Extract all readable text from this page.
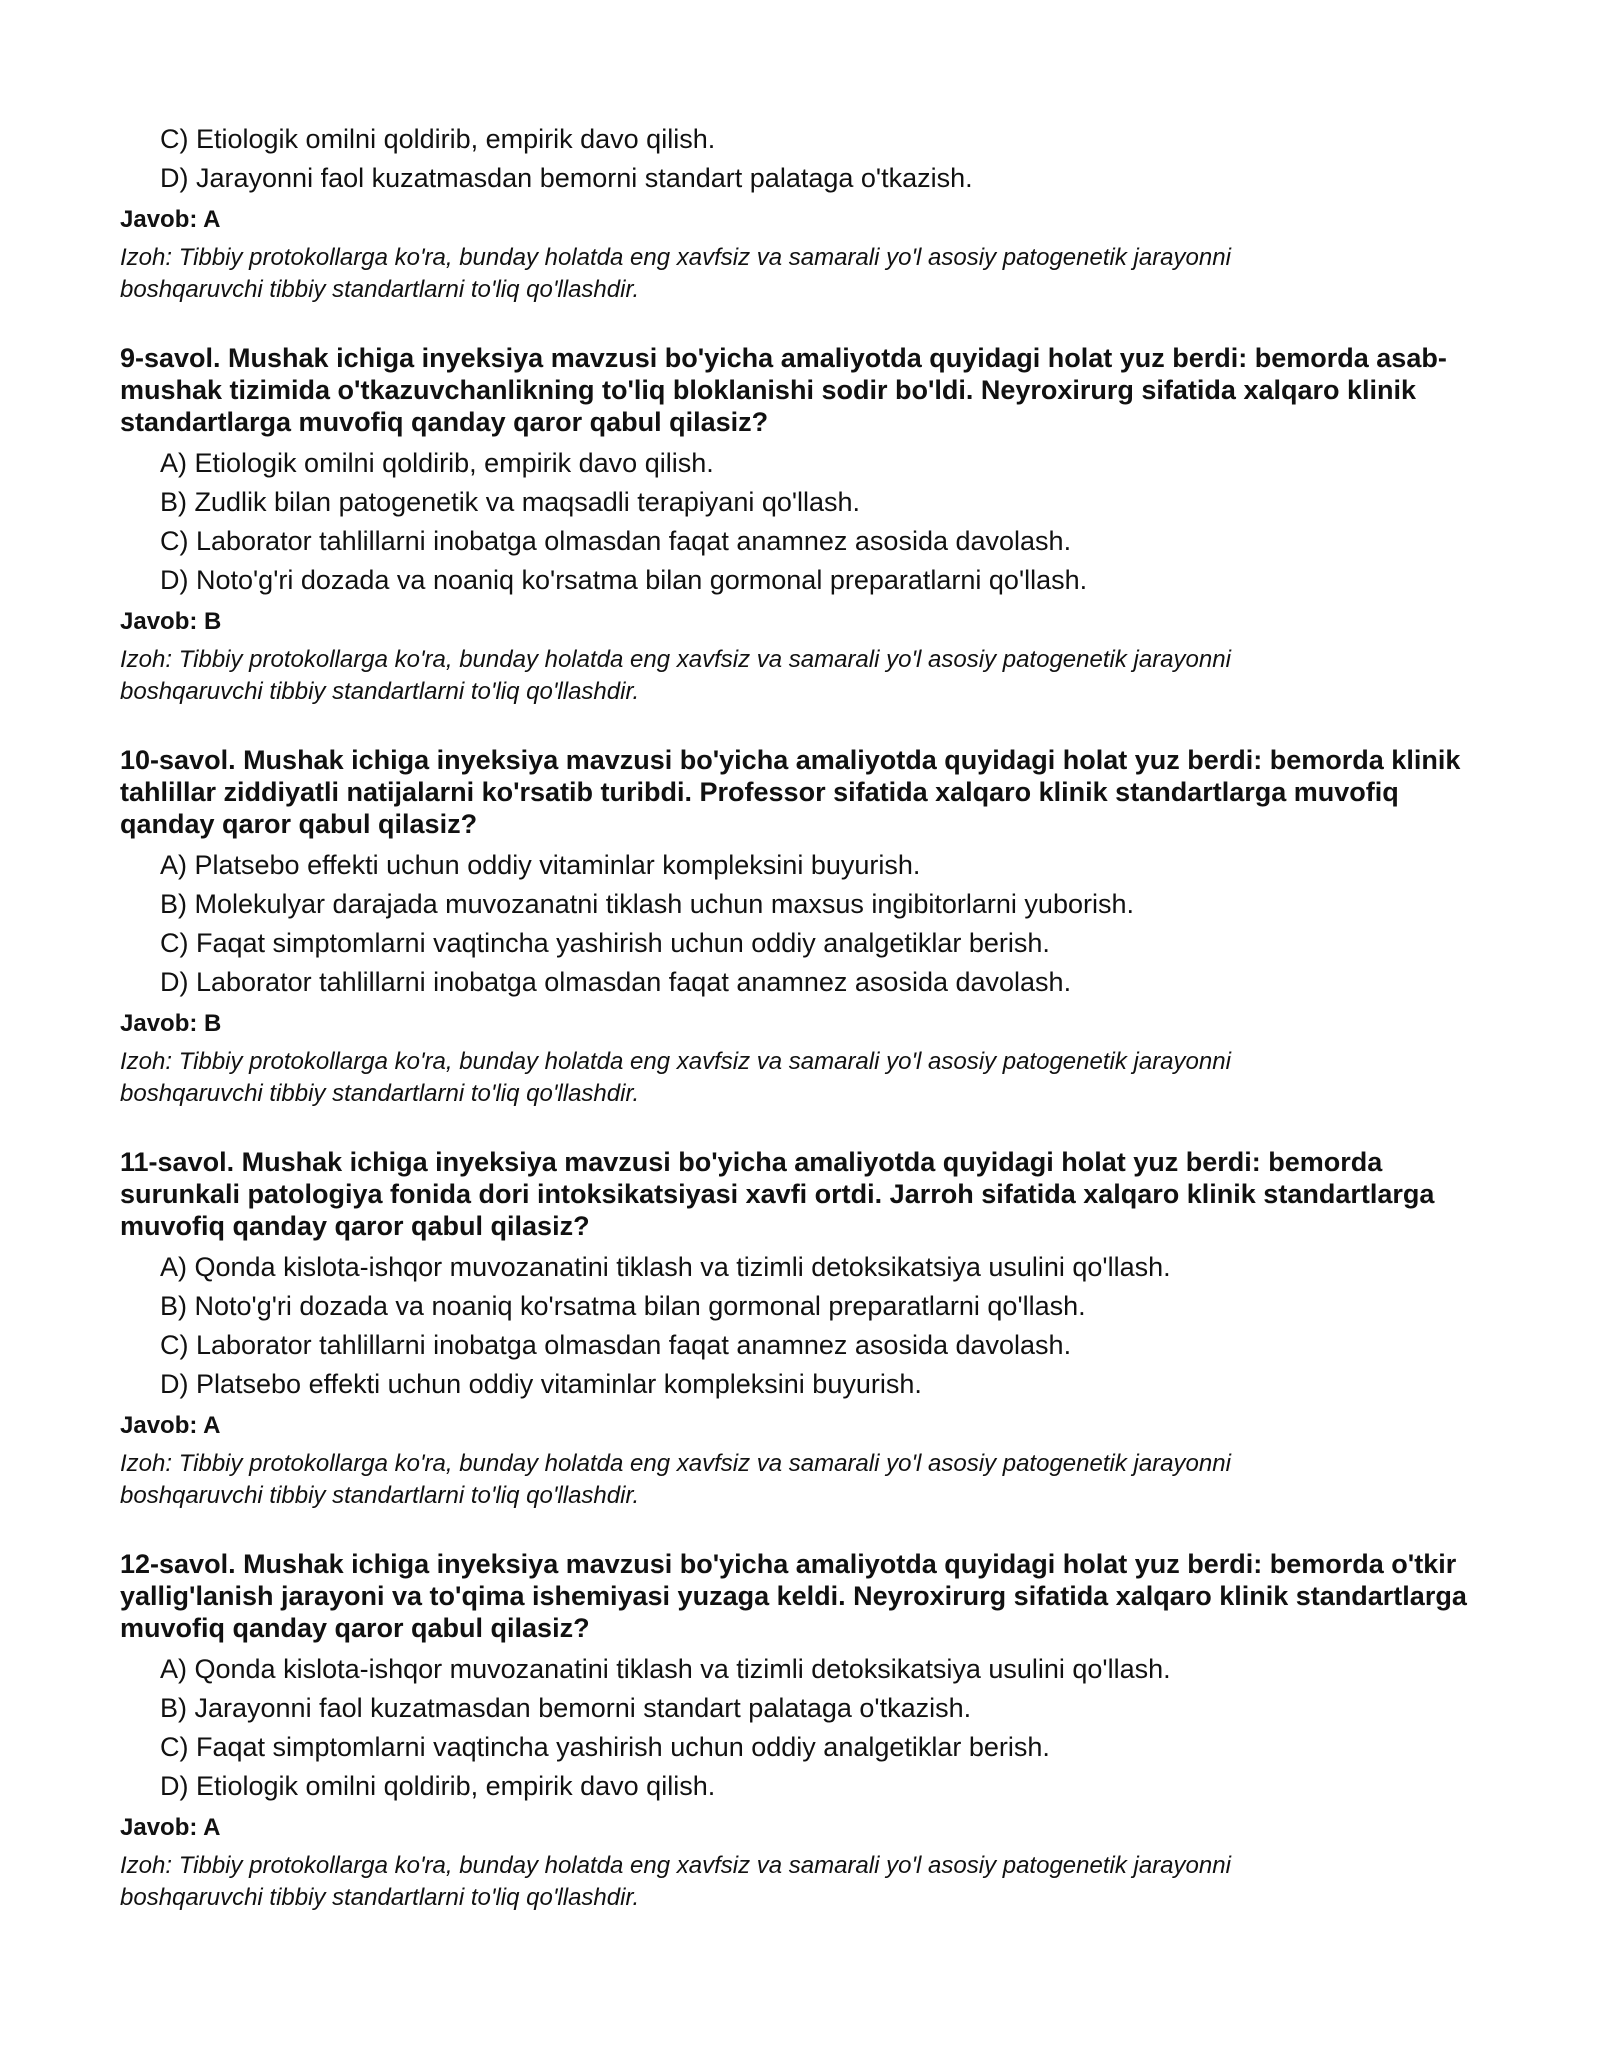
C) Etiologik omilni qoldirib, empirik davo qilish.
D) Jarayonni faol kuzatmasdan bemorni standart palataga o'tkazish.
Javob: A
Izoh: Tibbiy protokollarga ko'ra, bunday holatda eng xavfsiz va samarali yo'l asosiy patogenetik jarayonni boshqaruvchi tibbiy standartlarni to'liq qo'llashdir.
9-savol. Mushak ichiga inyeksiya mavzusi bo'yicha amaliyotda quyidagi holat yuz berdi: bemorda asab-mushak tizimida o'tkazuvchanlikning to'liq bloklanishi sodir bo'ldi. Neyroxirurg sifatida xalqaro klinik standartlarga muvofiq qanday qaror qabul qilasiz?
A) Etiologik omilni qoldirib, empirik davo qilish.
B) Zudlik bilan patogenetik va maqsadli terapiyani qo'llash.
C) Laborator tahlillarni inobatga olmasdan faqat anamnez asosida davolash.
D) Noto'g'ri dozada va noaniq ko'rsatma bilan gormonal preparatlarni qo'llash.
Javob: B
Izoh: Tibbiy protokollarga ko'ra, bunday holatda eng xavfsiz va samarali yo'l asosiy patogenetik jarayonni boshqaruvchi tibbiy standartlarni to'liq qo'llashdir.
10-savol. Mushak ichiga inyeksiya mavzusi bo'yicha amaliyotda quyidagi holat yuz berdi: bemorda klinik tahlillar ziddiyatli natijalarni ko'rsatib turibdi. Professor sifatida xalqaro klinik standartlarga muvofiq qanday qaror qabul qilasiz?
A) Platsebo effekti uchun oddiy vitaminlar kompleksini buyurish.
B) Molekulyar darajada muvozanatni tiklash uchun maxsus ingibitorlarni yuborish.
C) Faqat simptomlarni vaqtincha yashirish uchun oddiy analgetiklar berish.
D) Laborator tahlillarni inobatga olmasdan faqat anamnez asosida davolash.
Javob: B
Izoh: Tibbiy protokollarga ko'ra, bunday holatda eng xavfsiz va samarali yo'l asosiy patogenetik jarayonni boshqaruvchi tibbiy standartlarni to'liq qo'llashdir.
11-savol. Mushak ichiga inyeksiya mavzusi bo'yicha amaliyotda quyidagi holat yuz berdi: bemorda surunkali patologiya fonida dori intoksikatsiyasi xavfi ortdi. Jarroh sifatida xalqaro klinik standartlarga muvofiq qanday qaror qabul qilasiz?
A) Qonda kislota-ishqor muvozanatini tiklash va tizimli detoksikatsiya usulini qo'llash.
B) Noto'g'ri dozada va noaniq ko'rsatma bilan gormonal preparatlarni qo'llash.
C) Laborator tahlillarni inobatga olmasdan faqat anamnez asosida davolash.
D) Platsebo effekti uchun oddiy vitaminlar kompleksini buyurish.
Javob: A
Izoh: Tibbiy protokollarga ko'ra, bunday holatda eng xavfsiz va samarali yo'l asosiy patogenetik jarayonni boshqaruvchi tibbiy standartlarni to'liq qo'llashdir.
12-savol. Mushak ichiga inyeksiya mavzusi bo'yicha amaliyotda quyidagi holat yuz berdi: bemorda o'tkir yallig'lanish jarayoni va to'qima ishemiyasi yuzaga keldi. Neyroxirurg sifatida xalqaro klinik standartlarga muvofiq qanday qaror qabul qilasiz?
A) Qonda kislota-ishqor muvozanatini tiklash va tizimli detoksikatsiya usulini qo'llash.
B) Jarayonni faol kuzatmasdan bemorni standart palataga o'tkazish.
C) Faqat simptomlarni vaqtincha yashirish uchun oddiy analgetiklar berish.
D) Etiologik omilni qoldirib, empirik davo qilish.
Javob: A
Izoh: Tibbiy protokollarga ko'ra, bunday holatda eng xavfsiz va samarali yo'l asosiy patogenetik jarayonni boshqaruvchi tibbiy standartlarni to'liq qo'llashdir.
